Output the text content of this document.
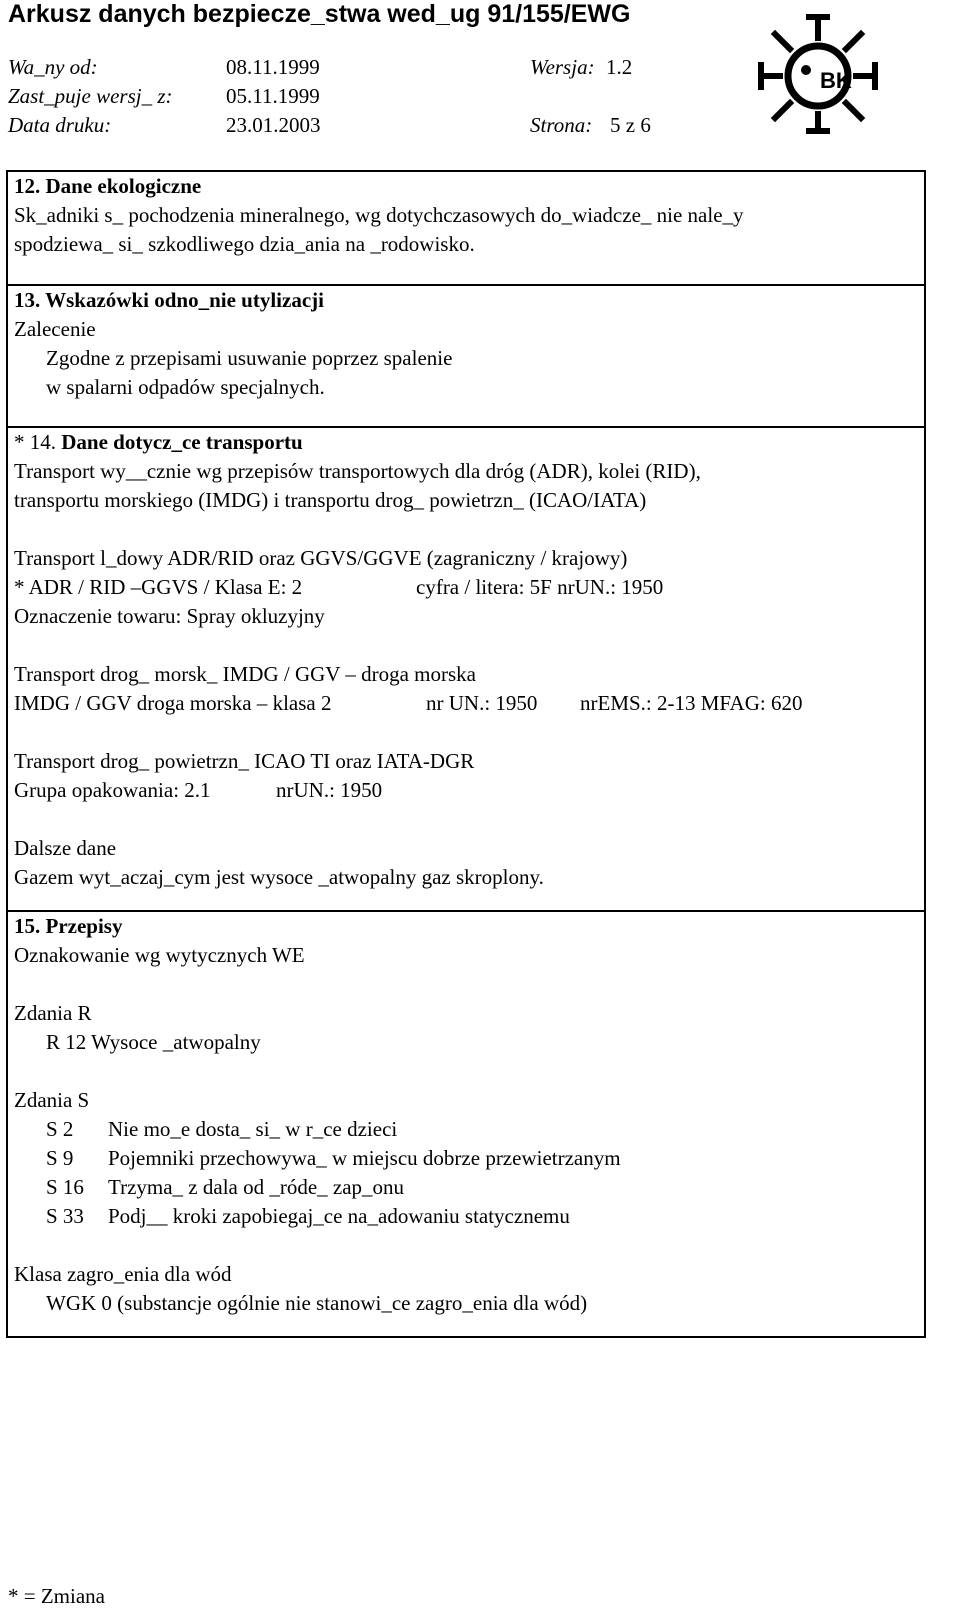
Arkusz danych bezpiecze_stwa wed_ug 91/155/EWG
Wa_ny od:	08.11.1999
Zast_puje wersj_ z:	05.11.1999
Data druku:	23.01.2003
Wersja: 1.2
Strona: 5 z 6
BK
12. Dane ekologiczne
Sk_adniki s_ pochodzenia mineralnego, wg dotychczasowych do_wiadcze_ nie nale_y
spodziewa_ si_ szkodliwego dzia_ania na _rodowisko.
13. Wskazówki odno_nie utylizacji
Zalecenie
Zgodne z przepisami usuwanie poprzez spalenie
w spalarni odpadów specjalnych.
* 14. Dane dotycz_ce transportu
Transport wy__cznie wg przepisów transportowych dla dróg (ADR), kolei (RID),
transportu morskiego (IMDG) i transportu drog_ powietrzn_ (ICAO/IATA)
Transport l_dowy ADR/RID oraz GGVS/GGVE (zagraniczny / krajowy)
* ADR / RID –GGVS / Klasa E: 2	cyfra / litera: 5F nrUN.: 1950
Oznaczenie towaru: Spray okluzyjny
Transport drog_ morsk_ IMDG / GGV – droga morska
IMDG / GGV droga morska – klasa 2	nr UN.: 1950 nrEMS.: 2-13 MFAG: 620
Transport drog_ powietrzn_ ICAO TI oraz IATA-DGR
Grupa opakowania: 2.1	nrUN.: 1950
Dalsze dane
Gazem wyt_aczaj_cym jest wysoce _atwopalny gaz skroplony.
15. Przepisy
Oznakowanie wg wytycznych WE
Zdania R
R 12 Wysoce _atwopalny
Zdania S
S 2 Nie mo_e dosta_ si_ w r_ce dzieci
S 9 Pojemniki przechowywa_ w miejscu dobrze przewietrzanym
S 16 Trzyma_ z dala od _róde_ zap_onu
S 33 Podj__ kroki zapobiegaj_ce na_adowaniu statycznemu
Klasa zagro_enia dla wód
WGK 0 (substancje ogólnie nie stanowi_ce zagro_enia dla wód)
* = Zmiana
